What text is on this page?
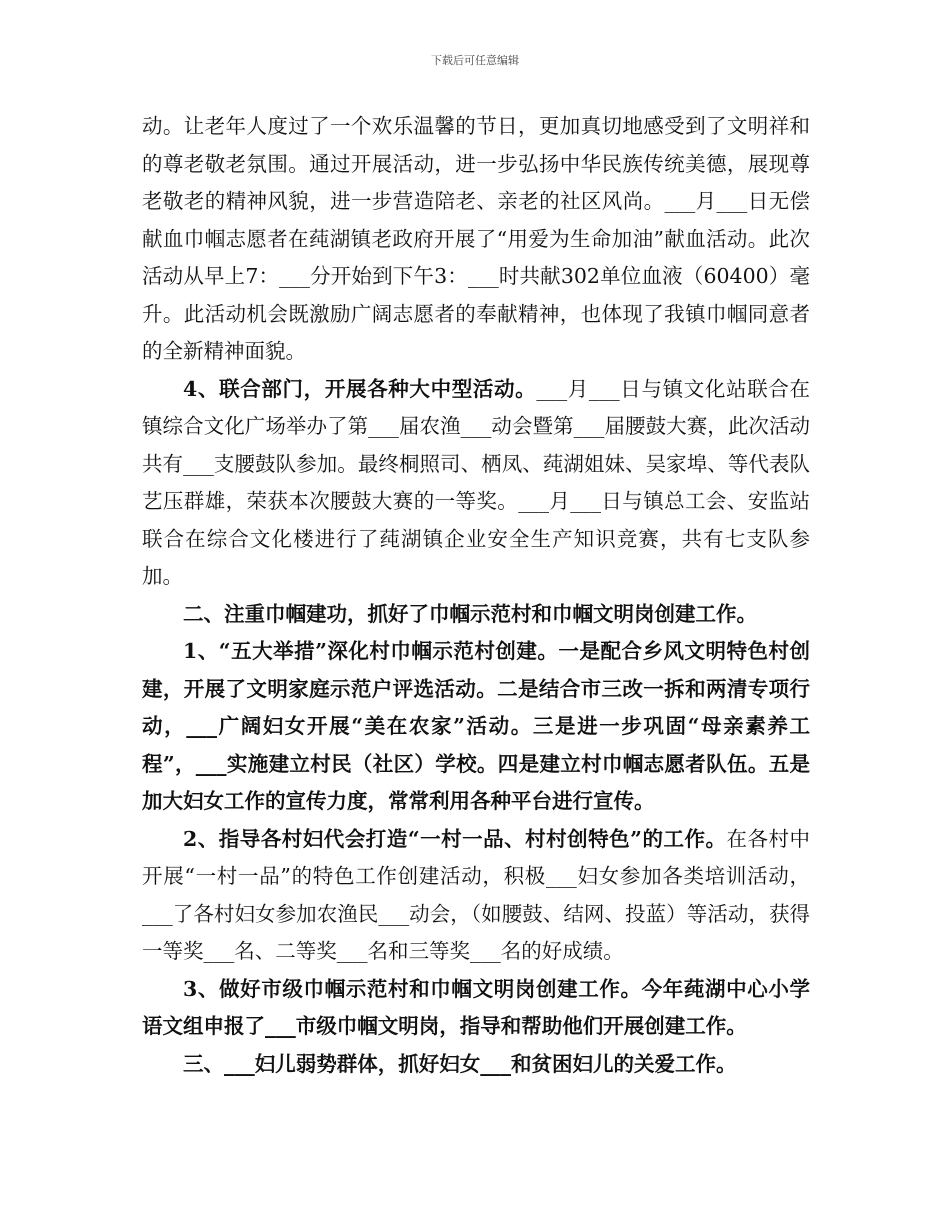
下载后可任意编辑

动。让老年人度过了一个欢乐温馨的节日，更加真切地感受到了文明祥和的尊老敬老氛围。通过开展活动，进一步弘扬中华民族传统美德，展现尊老敬老的精神风貌，进一步营造陪老、亲老的社区风尚。___月___日无偿献血巾帼志愿者在莼湖镇老政府开展了“用爱为生命加油”献血活动。此次活动从早上7：___分开始到下午3：___时共献302单位血液（60400）毫升。此活动机会既激励广阔志愿者的奉献精神，也体现了我镇巾帼同意者的全新精神面貌。

4、联合部门，开展各种大中型活动。___月___日与镇文化站联合在镇综合文化广场举办了第___届农渔___动会暨第___届腰鼓大赛，此次活动共有___支腰鼓队参加。最终桐照司、栖凤、莼湖姐妹、吴家埠、等代表队艺压群雄，荣获本次腰鼓大赛的一等奖。___月___日与镇总工会、安监站联合在综合文化楼进行了莼湖镇企业安全生产知识竞赛，共有七支队参加。

二、注重巾帼建功，抓好了巾帼示范村和巾帼文明岗创建工作。

1、“五大举措”深化村巾帼示范村创建。一是配合乡风文明特色村创建，开展了文明家庭示范户评选活动。二是结合市三改一拆和两清专项行动，___广阔妇女开展“美在农家”活动。三是进一步巩固“母亲素养工程”，___实施建立村民（社区）学校。四是建立村巾帼志愿者队伍。五是加大妇女工作的宣传力度，常常利用各种平台进行宣传。

2、指导各村妇代会打造“一村一品、村村创特色”的工作。在各村中开展“一村一品”的特色工作创建活动，积极___妇女参加各类培训活动，___了各村妇女参加农渔民___动会，（如腰鼓、结网、投蓝）等活动，获得一等奖___名、二等奖___名和三等奖___名的好成绩。

3、做好市级巾帼示范村和巾帼文明岗创建工作。今年莼湖中心小学语文组申报了___市级巾帼文明岗，指导和帮助他们开展创建工作。

三、___妇儿弱势群体，抓好妇女___和贫困妇儿的关爱工作。
